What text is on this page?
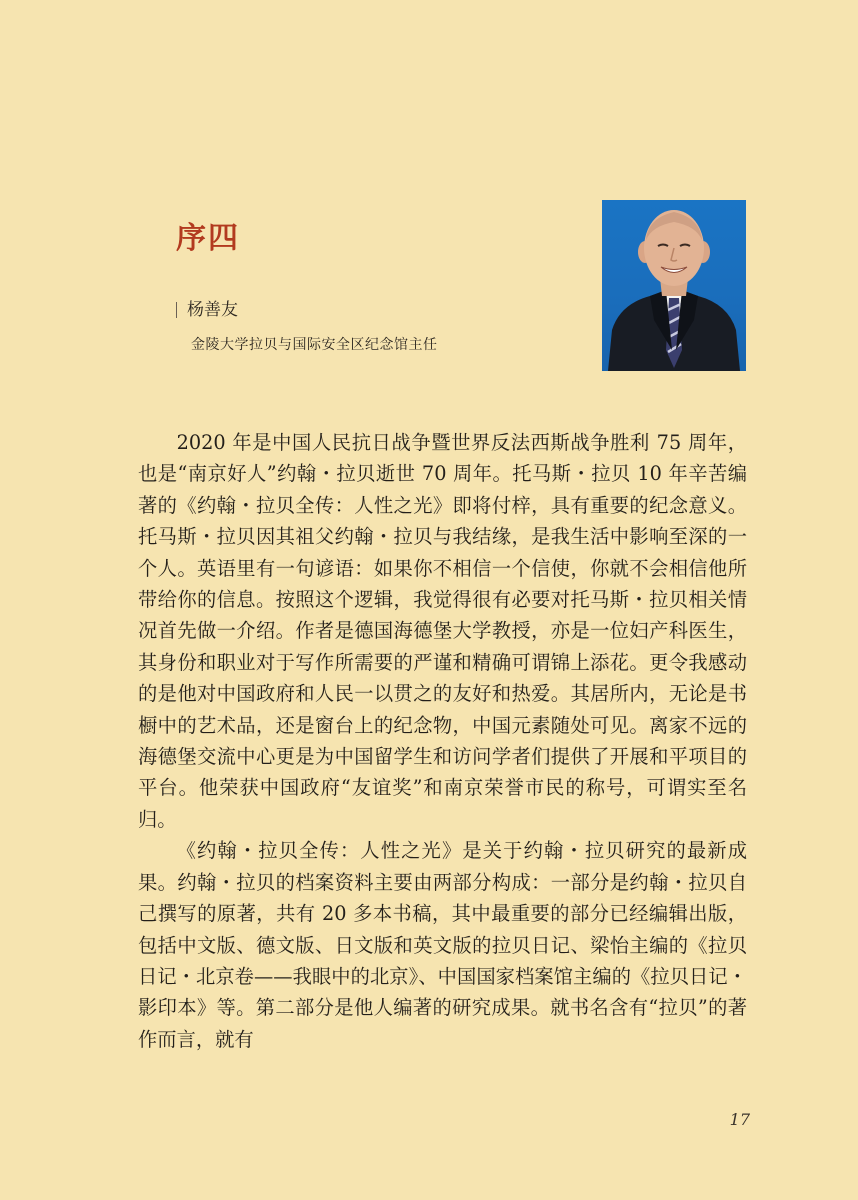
序四
杨善友
金陵大学拉贝与国际安全区纪念馆主任

2020 年是中国人民抗日战争暨世界反法西斯战争胜利 75 周年，也是“南京好人”约翰・拉贝逝世 70 周年。托马斯・拉贝 10 年辛苦编著的《约翰・拉贝全传：人性之光》即将付梓，具有重要的纪念意义。托马斯・拉贝因其祖父约翰・拉贝与我结缘，是我生活中影响至深的一个人。英语里有一句谚语：如果你不相信一个信使，你就不会相信他所带给你的信息。按照这个逻辑，我觉得很有必要对托马斯・拉贝相关情况首先做一介绍。作者是德国海德堡大学教授，亦是一位妇产科医生，其身份和职业对于写作所需要的严谨和精确可谓锦上添花。更令我感动的是他对中国政府和人民一以贯之的友好和热爱。其居所内，无论是书橱中的艺术品，还是窗台上的纪念物，中国元素随处可见。离家不远的海德堡交流中心更是为中国留学生和访问学者们提供了开展和平项目的平台。他荣获中国政府“友谊奖”和南京荣誉市民的称号，可谓实至名归。

《约翰・拉贝全传：人性之光》是关于约翰・拉贝研究的最新成果。约翰・拉贝的档案资料主要由两部分构成：一部分是约翰・拉贝自己撰写的原著，共有 20 多本书稿，其中最重要的部分已经编辑出版，包括中文版、德文版、日文版和英文版的拉贝日记、梁怡主编的《拉贝日记・北京卷——我眼中的北京》、中国国家档案馆主编的《拉贝日记・影印本》等。第二部分是他人编著的研究成果。就书名含有“拉贝”的著作而言，就有

17
